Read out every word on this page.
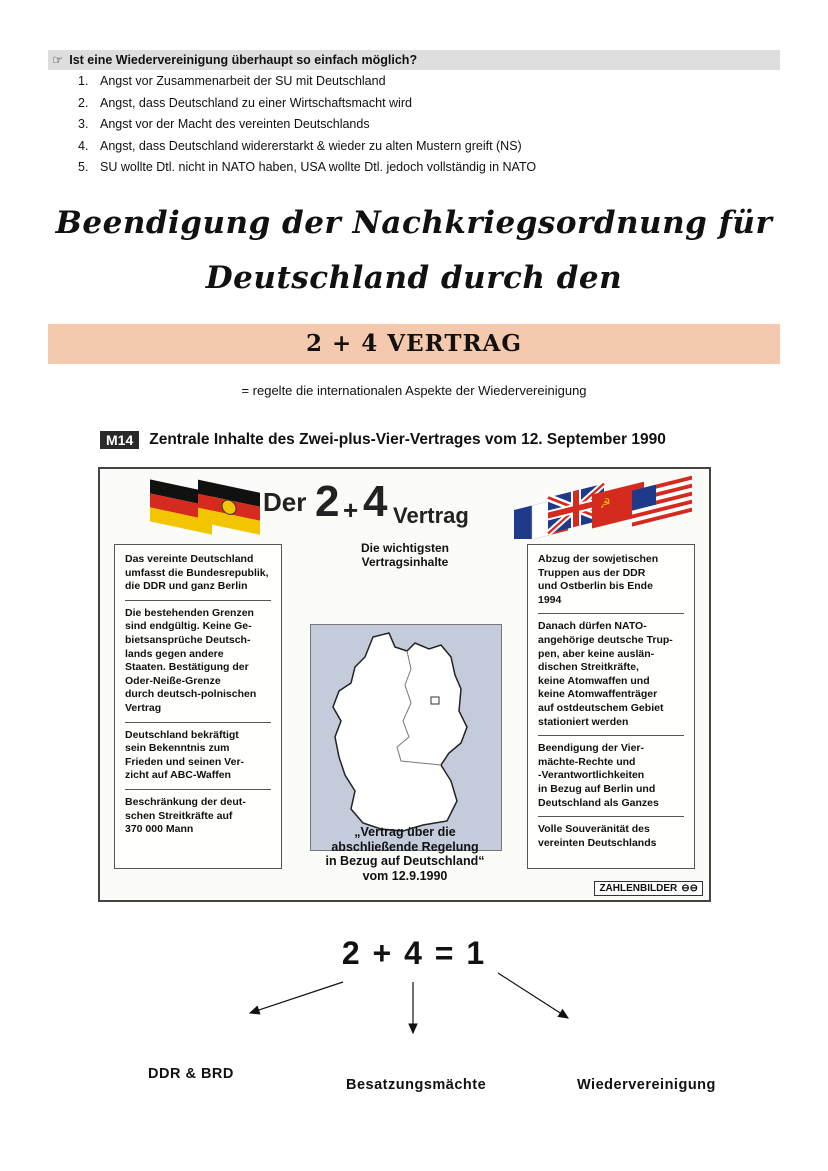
☞ Ist eine Wiedervereinigung überhaupt so einfach möglich?
1. Angst vor Zusammenarbeit der SU mit Deutschland
2. Angst, dass Deutschland zu einer Wirtschaftsmacht wird
3. Angst vor der Macht des vereinten Deutschlands
4. Angst, dass Deutschland widererstarkt & wieder zu alten Mustern greift (NS)
5. SU wollte Dtl. nicht in NATO haben, USA wollte Dtl. jedoch vollständig in NATO
Beendigung der Nachkriegsordnung für
Deutschland durch den
2 + 4 VERTRAG
= regelte die internationalen Aspekte der Wiedervereinigung
M14	Zentrale Inhalte des Zwei-plus-Vier-Vertrages vom 12. September 1990
☭
Der 2 + 4 Vertrag
Die wichtigsten
Vertragsinhalte
Das vereinte Deutschland
umfasst die Bundesrepublik,
die DDR und ganz Berlin
Die bestehenden Grenzen
sind endgültig. Keine Ge-
bietsansprüche Deutsch-
lands gegen andere
Staaten. Bestätigung der
Oder-Neiße-Grenze
durch deutsch-polnischen
Vertrag
Deutschland bekräftigt
sein Bekenntnis zum
Frieden und seinen Ver-
zicht auf ABC-Waffen
Beschränkung der deut-
schen Streitkräfte auf
370 000 Mann
Abzug der sowjetischen
Truppen aus der DDR
und Ostberlin bis Ende
1994
Danach dürfen NATO-
angehörige deutsche Trup-
pen, aber keine auslän-
dischen Streitkräfte,
keine Atomwaffen und
keine Atomwaffenträger
auf ostdeutschem Gebiet
stationiert werden
Beendigung der Vier-
mächte-Rechte und
-Verantwortlichkeiten
in Bezug auf Berlin und
Deutschland als Ganzes
Volle Souveränität des
vereinten Deutschlands
„Vertrag über die
abschließende Regelung
in Bezug auf Deutschland“
vom 12.9.1990
ZAHLENBILDER ⊖⊖
2 + 4 = 1
DDR & BRD
Besatzungsmächte	Wiedervereinigung
